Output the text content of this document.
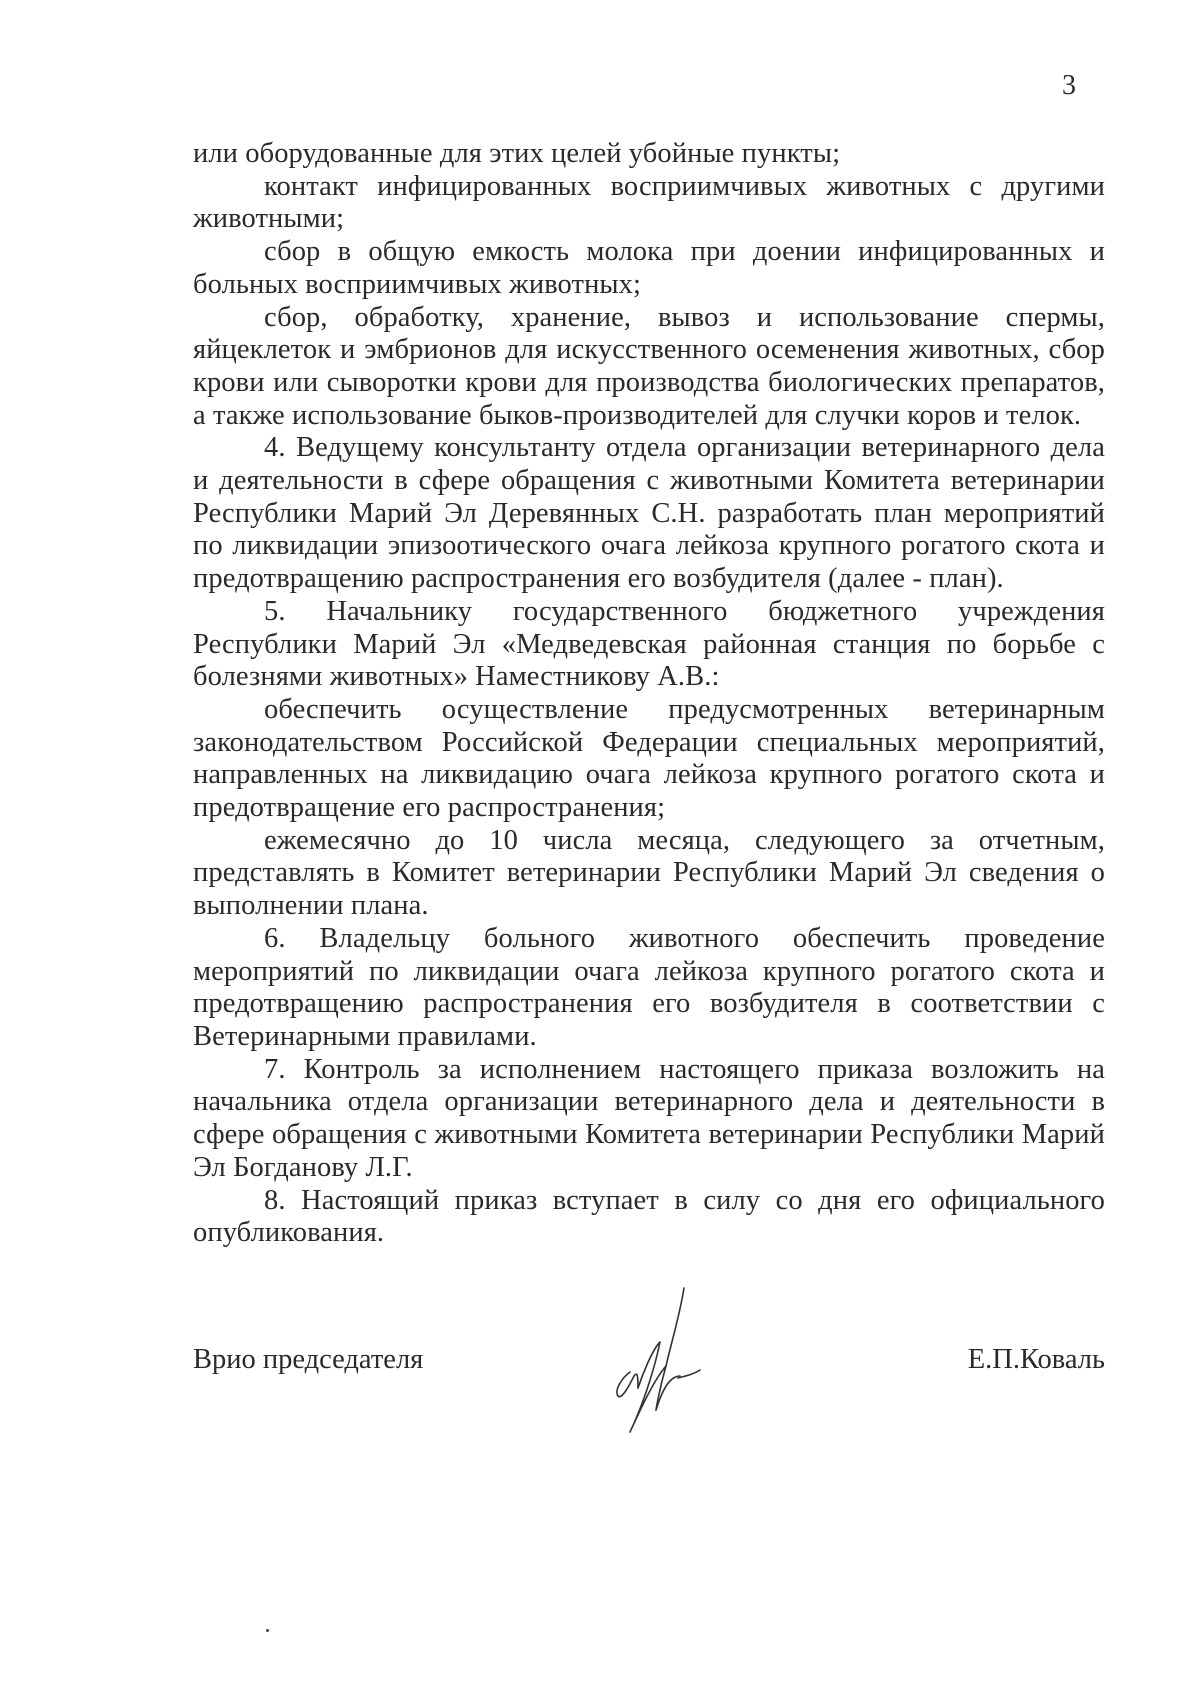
3

или оборудованные для этих целей убойные пункты;

контакт инфицированных восприимчивых животных с другими животными;

сбор в общую емкость молока при доении инфицированных и больных восприимчивых животных;

сбор, обработку, хранение, вывоз и использование спермы, яйцеклеток и эмбрионов для искусственного осеменения животных, сбор крови или сыворотки крови для производства биологических препаратов, а также использование быков-производителей для случки коров и телок.

4. Ведущему консультанту отдела организации ветеринарного дела и деятельности в сфере обращения с животными Комитета ветеринарии Республики Марий Эл Деревянных С.Н. разработать план мероприятий по ликвидации эпизоотического очага лейкоза крупного рогатого скота и предотвращению распространения его возбудителя (далее - план).

5. Начальнику государственного бюджетного учреждения Республики Марий Эл «Медведевская районная станция по борьбе с болезнями животных» Наместникову А.В.:

обеспечить осуществление предусмотренных ветеринарным законодательством Российской Федерации специальных мероприятий, направленных на ликвидацию очага лейкоза крупного рогатого скота и предотвращение его распространения;

ежемесячно до 10 числа месяца, следующего за отчетным, представлять в Комитет ветеринарии Республики Марий Эл сведения о выполнении плана.

6. Владельцу больного животного обеспечить проведение мероприятий по ликвидации очага лейкоза крупного рогатого скота и предотвращению распространения его возбудителя в соответствии с Ветеринарными правилами.

7. Контроль за исполнением настоящего приказа возложить на начальника отдела организации ветеринарного дела и деятельности в сфере обращения с животными Комитета ветеринарии Республики Марий Эл Богданову Л.Г.

8. Настоящий приказ вступает в силу со дня его официального опубликования.

Врио председателя	Е.П.Коваль
